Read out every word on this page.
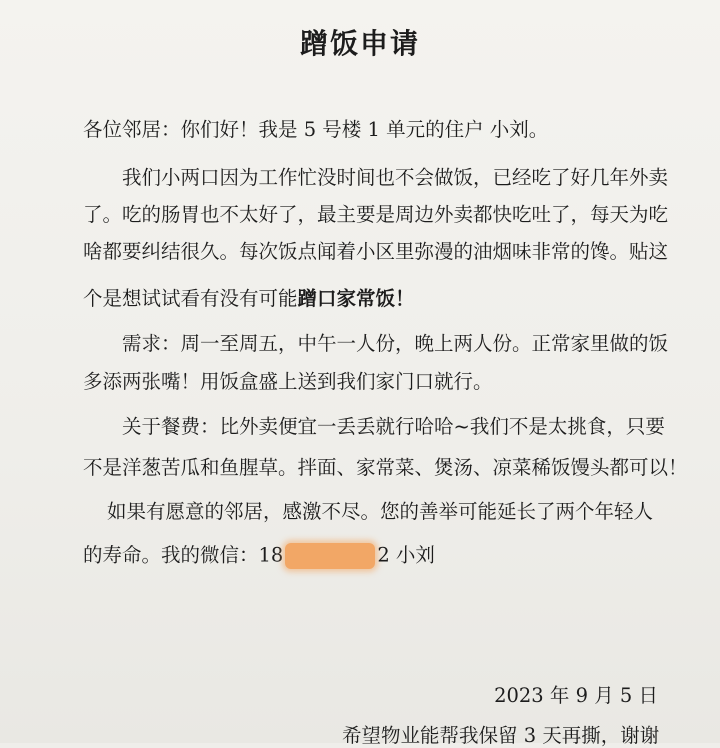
蹭饭申请
各位邻居：你们好！我是 5 号楼 1 单元的住户 小刘。
我们小两口因为工作忙没时间也不会做饭，已经吃了好几年外卖
了。吃的肠胃也不太好了，最主要是周边外卖都快吃吐了，每天为吃
啥都要纠结很久。每次饭点闻着小区里弥漫的油烟味非常的馋。贴这
个是想试试看有没有可能蹭口家常饭！
需求：周一至周五，中午一人份，晚上两人份。正常家里做的饭
多添两张嘴！用饭盒盛上送到我们家门口就行。
关于餐费：比外卖便宜一丢丢就行哈哈~我们不是太挑食，只要
不是洋葱苦瓜和鱼腥草。拌面、家常菜、煲汤、凉菜稀饭馒头都可以！
如果有愿意的邻居，感激不尽。您的善举可能延长了两个年轻人
的寿命。我的微信：18	2 小刘
2023 年 9 月 5 日
希望物业能帮我保留 3 天再撕，谢谢
